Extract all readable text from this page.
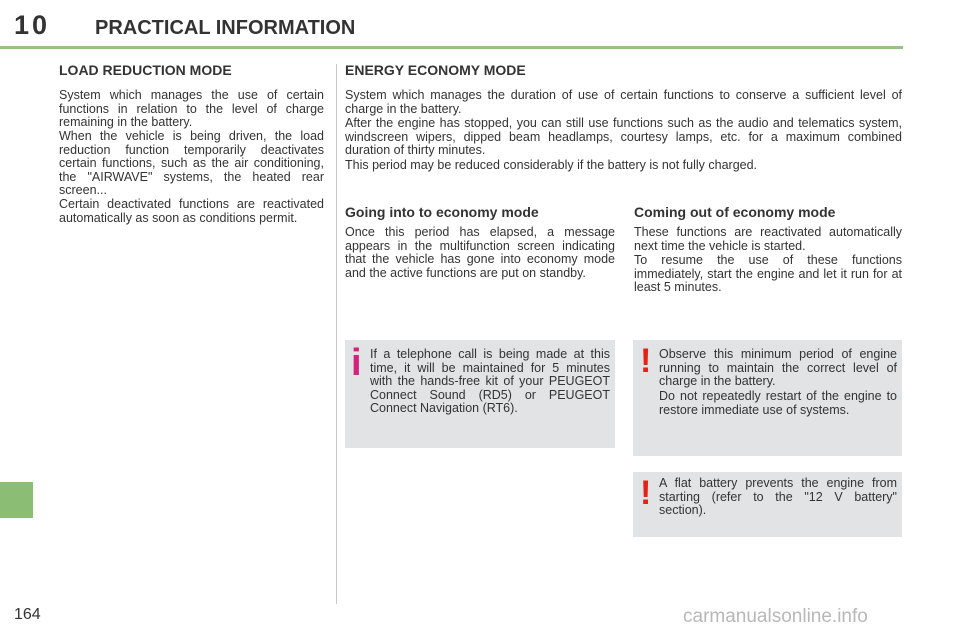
10 PRACTICAL INFORMATION
164
LOAD REDUCTION MODE

System which manages the use of certain functions in relation to the level of charge remaining in the battery.

When the vehicle is being driven, the load reduction function temporarily deactivates certain functions, such as the air conditioning, the "AIRWAVE" systems, the heated rear screen...

Certain deactivated functions are reactivated automatically as soon as conditions permit.

ENERGY ECONOMY MODE

System which manages the duration of use of certain functions to conserve a sufficient level of charge in the battery.

After the engine has stopped, you can still use functions such as the audio and telematics system, windscreen wipers, dipped beam headlamps, courtesy lamps, etc. for a maximum combined duration of thirty minutes.

This period may be reduced considerably if the battery is not fully charged.

Going into to economy mode

Once this period has elapsed, a message appears in the multifunction screen indicating that the vehicle has gone into economy mode and the active functions are put on standby.

Coming out of economy mode

These functions are reactivated automatically next time the vehicle is started.

To resume the use of these functions immediately, start the engine and let it run for at least 5 minutes.

i If a telephone call is being made at this time, it will be maintained for 5 minutes with the hands-free kit of your PEUGEOT Connect Sound (RD5) or PEUGEOT Connect Navigation (RT6).

! Observe this minimum period of engine running to maintain the correct level of charge in the battery.

Do not repeatedly restart of the engine to restore immediate use of systems.

! A flat battery prevents the engine from starting (refer to the "12 V battery" section).

carmanualsonline.info
